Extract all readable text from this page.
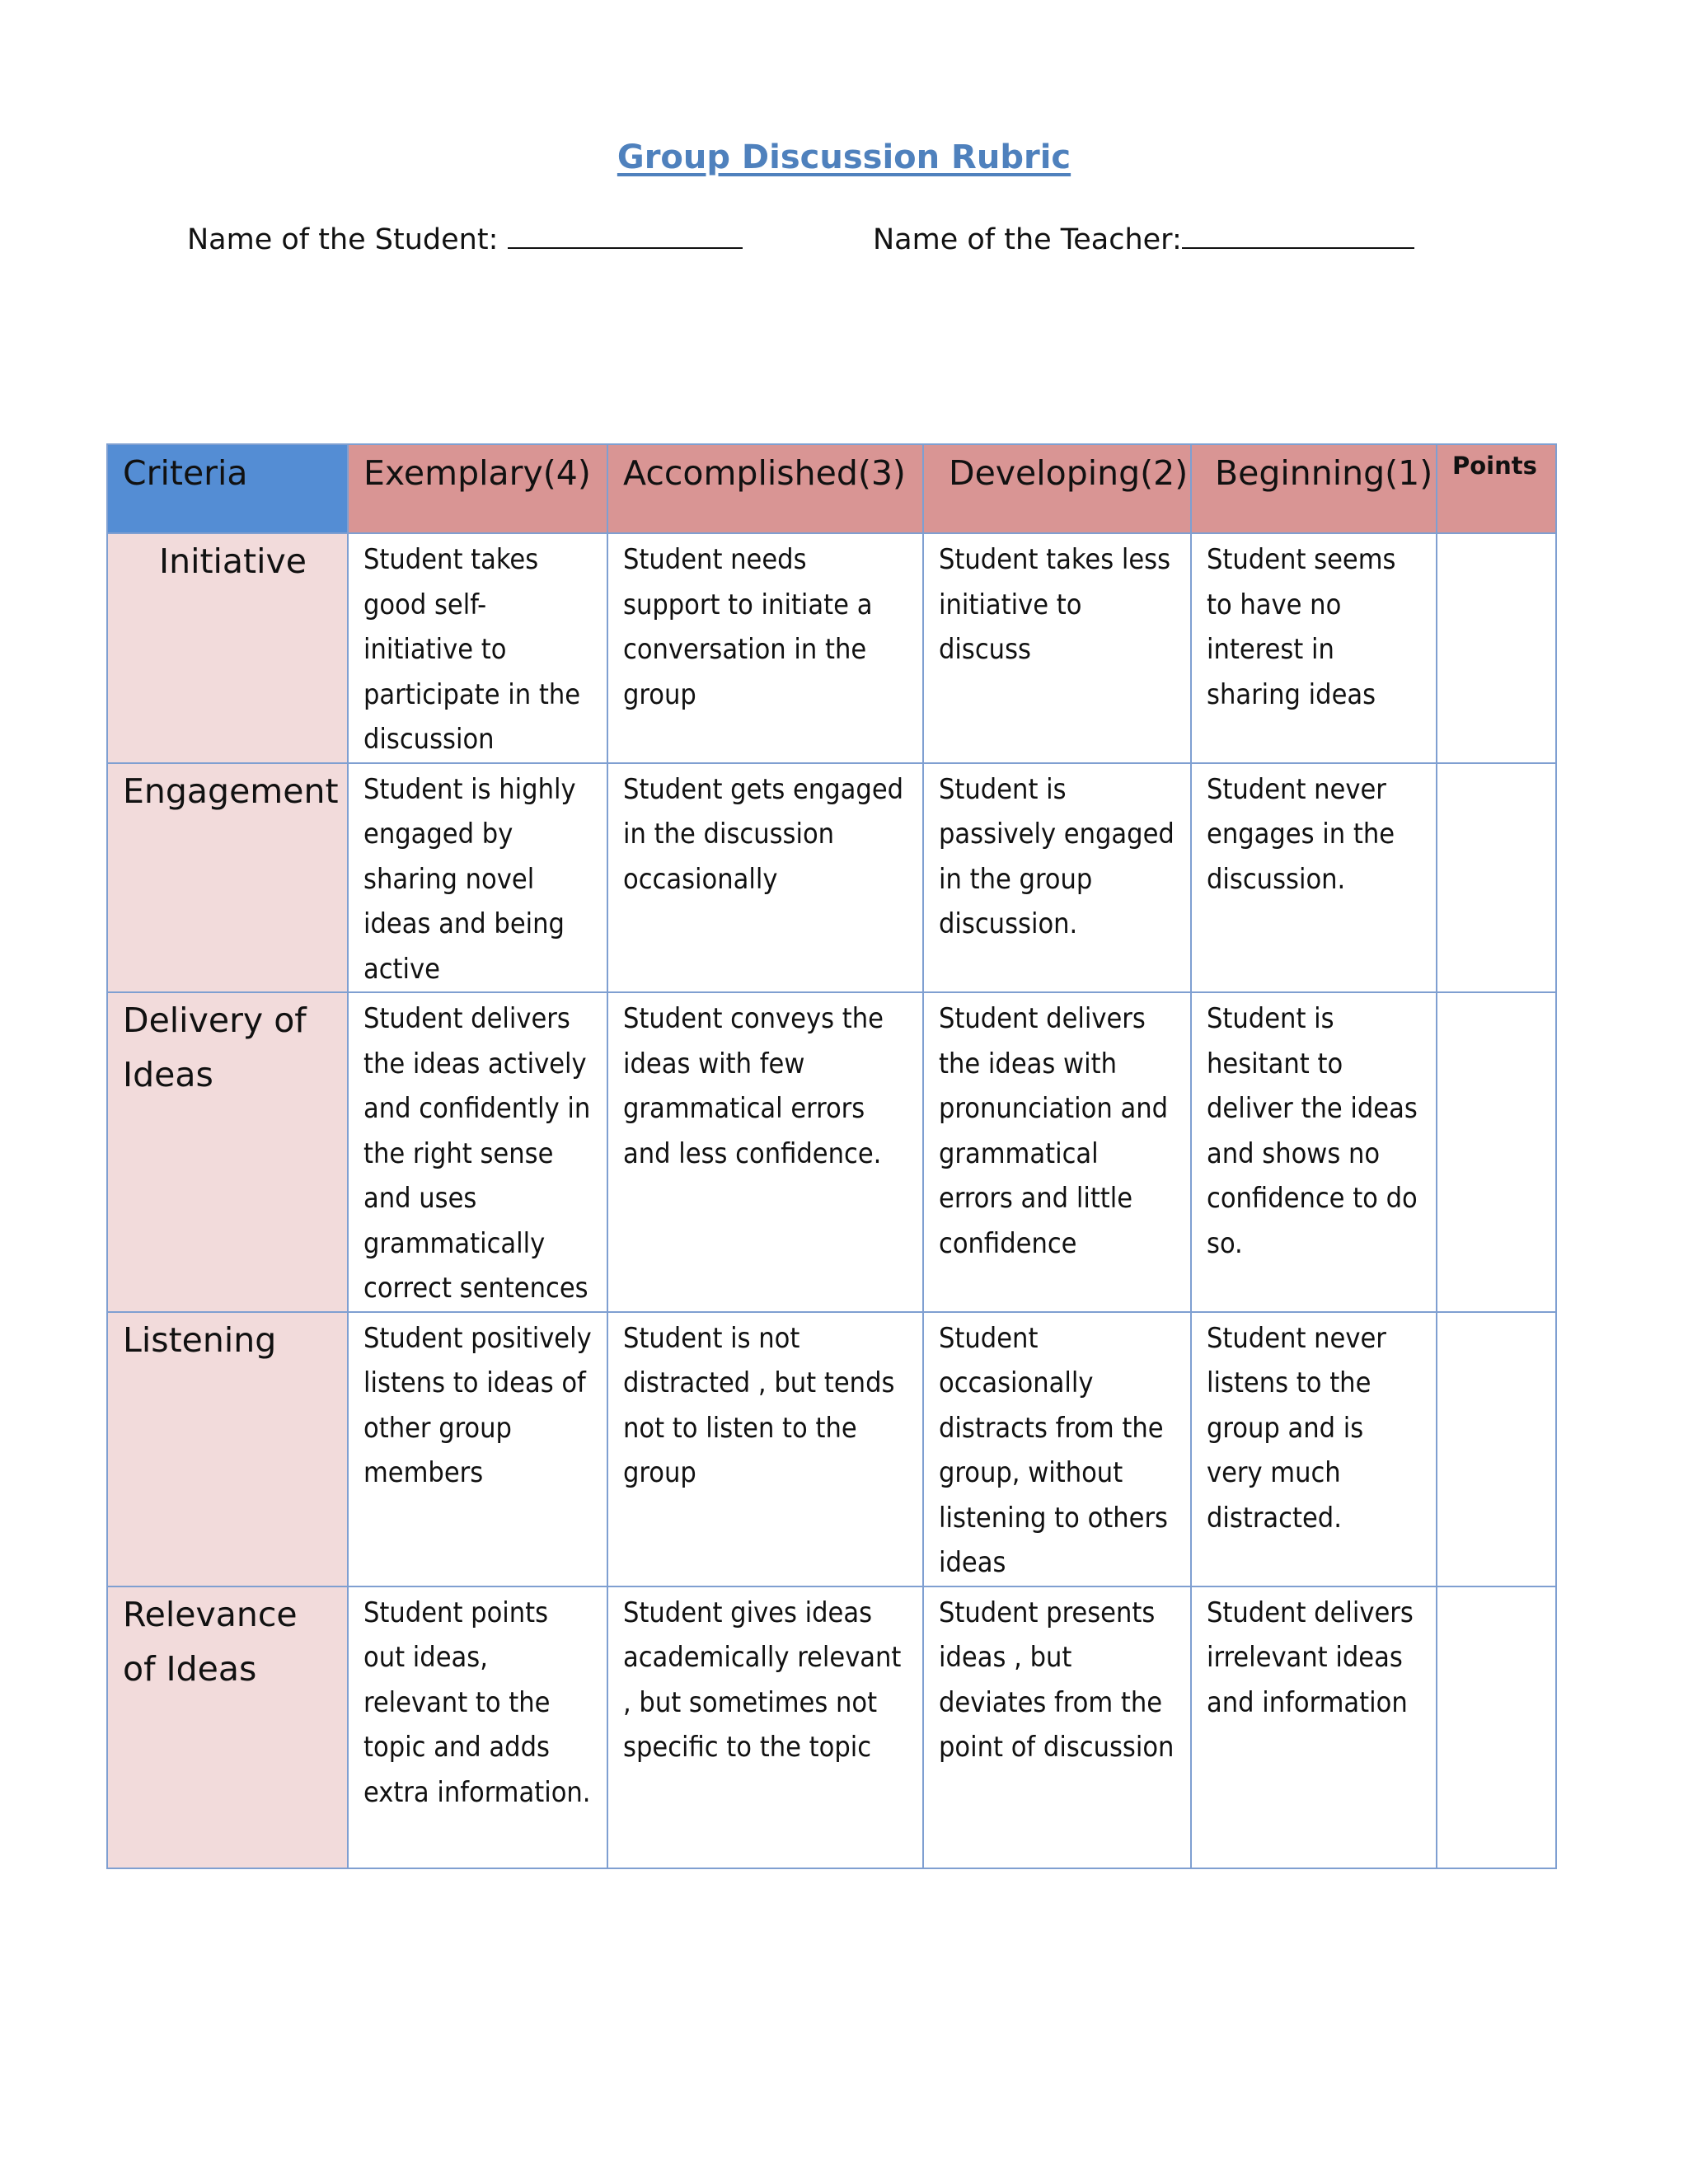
Group Discussion Rubric
Name of the Student:	Name of the Teacher:
Criteria	Exemplary(4)	Accomplished(3)	Developing(2)	Beginning(1)	Points

Initiative	Student takes good self-initiative to participate in the discussion	Student needs support to initiate a conversation in the group	Student takes less initiative to discuss	Student seems to have no interest in sharing ideas	

Engagement	Student is highly engaged by sharing novel ideas and being active	Student gets engaged in the discussion occasionally	Student is passively engaged in the group discussion.	Student never engages in the discussion.	

Delivery of Ideas	Student delivers the ideas actively and confidently in the right sense and uses grammatically correct sentences	Student conveys the ideas with few grammatical errors and less confidence.	Student delivers the ideas with pronunciation and grammatical errors and little confidence	Student is hesitant to deliver the ideas and shows no confidence to do so.	

Listening	Student positively listens to ideas of other group members	Student is not distracted , but tends not to listen to the group	Student occasionally distracts from the group, without listening to others ideas	Student never listens to the group and is very much distracted.	

Relevance of Ideas	Student points out ideas, relevant to the topic and adds extra information.	Student gives ideas academically relevant , but sometimes not specific to the topic	Student presents ideas , but deviates from the point of discussion	Student delivers irrelevant ideas and information	
